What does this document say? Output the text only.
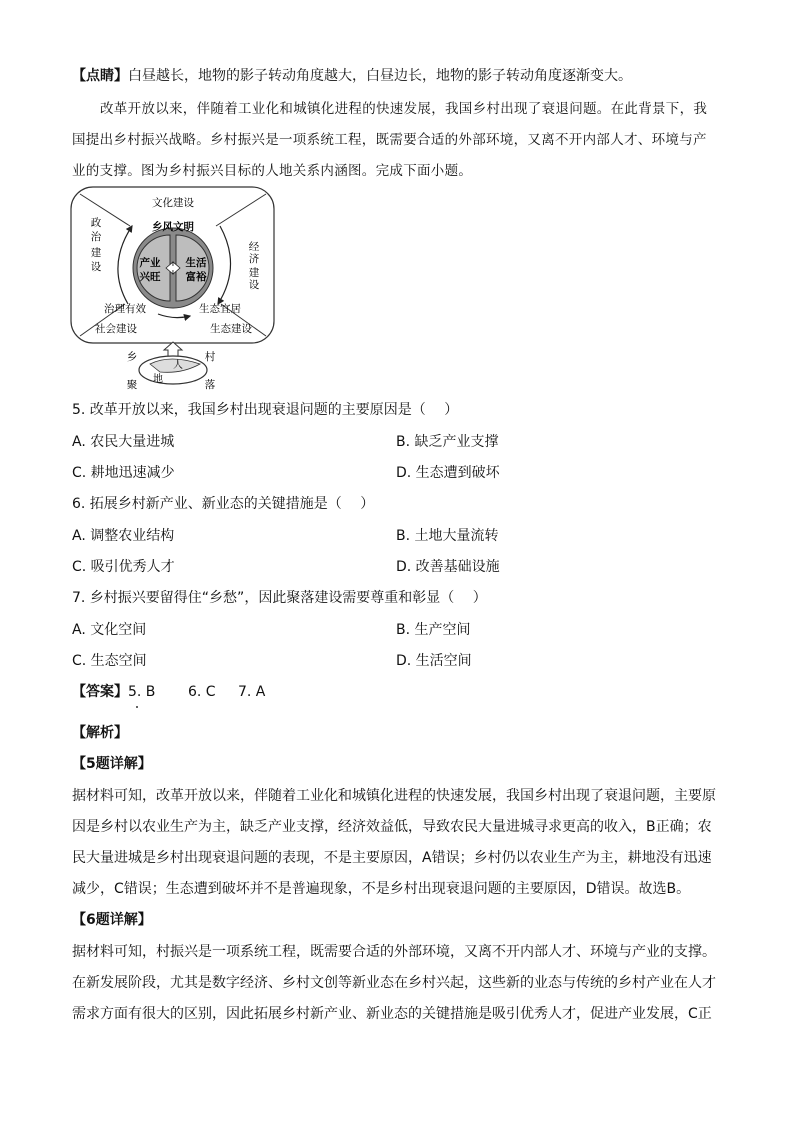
【点睛】白昼越长，地物的影子转动角度越大，白昼边长，地物的影子转动角度逐渐变大。
改革开放以来，伴随着工业化和城镇化进程的快速发展，我国乡村出现了衰退问题。在此背景下，我
国提出乡村振兴战略。乡村振兴是一项系统工程，既需要合适的外部环境，又离不开内部人才、环境与产
业的支撑。图为乡村振兴目标的人地关系内涵图。完成下面小题。
文化建设
乡风文明
政
治
建
设
经
济
建
设
产业
兴旺
生活
富裕
治理有效	生态宜居
社会建设	生态建设
人
地
乡
聚
村
落
5. 改革开放以来，我国乡村出现衰退问题的主要原因是（　 ）
A. 农民大量进城	B. 缺乏产业支撑
C. 耕地迅速减少	D. 生态遭到破坏
6. 拓展乡村新产业、新业态的关键措施是（　 ）
A. 调整农业结构	B. 土地大量流转
C. 吸引优秀人才	D. 改善基础设施
7. 乡村振兴要留得住“乡愁”，因此聚落建设需要尊重和彰显（　 ）
A. 文化空间	B. 生产空间
C. 生态空间	D. 生活空间
【答案】5. B 6. C 7. A
【解析】
【5题详解】
据材料可知，改革开放以来，伴随着工业化和城镇化进程的快速发展，我国乡村出现了衰退问题，主要原
因是乡村以农业生产为主，缺乏产业支撑，经济效益低，导致农民大量进城寻求更高的收入，B正确；农
民大量进城是乡村出现衰退问题的表现，不是主要原因，A错误；乡村仍以农业生产为主，耕地没有迅速
减少，C错误；生态遭到破坏并不是普遍现象，不是乡村出现衰退问题的主要原因，D错误。故选B。
【6题详解】
据材料可知，村振兴是一项系统工程，既需要合适的外部环境，又离不开内部人才、环境与产业的支撑。
在新发展阶段，尤其是数字经济、乡村文创等新业态在乡村兴起，这些新的业态与传统的乡村产业在人才
需求方面有很大的区别，因此拓展乡村新产业、新业态的关键措施是吸引优秀人才，促进产业发展，C正
